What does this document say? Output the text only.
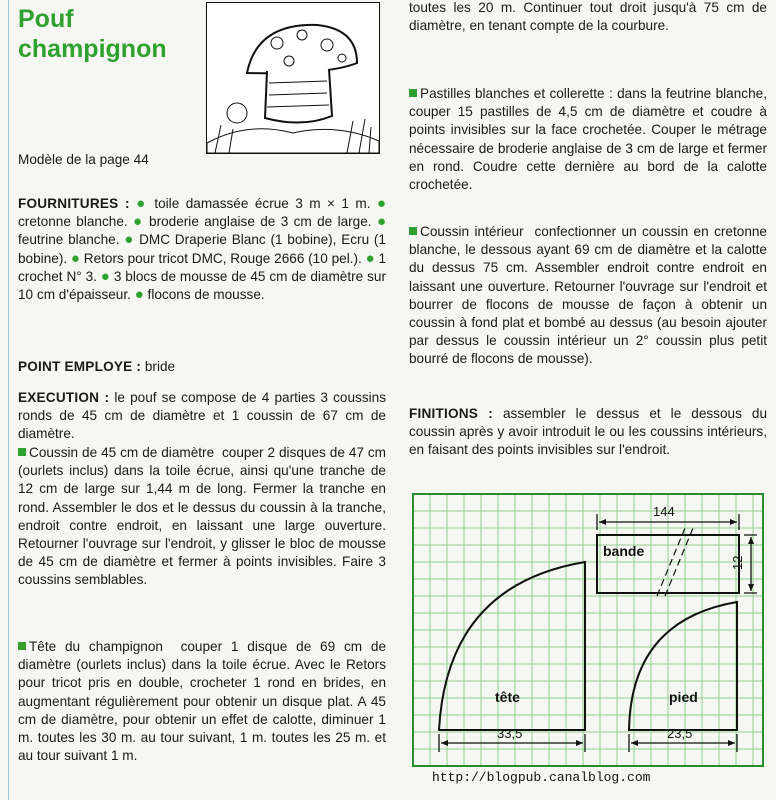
Pouf champignon
Modèle de la page 44

FOURNITURES : ● toile damassée écrue 3 m × 1 m. ● cretonne blanche. ● broderie anglaise de 3 cm de large. ● feutrine blanche. ● DMC Draperie Blanc (1 bobine), Ecru (1 bobine). ● Retors pour tricot DMC, Rouge 2666 (10 pel.). ● 1 crochet N° 3. ● 3 blocs de mousse de 45 cm de diamètre sur 10 cm d'épaisseur. ● flocons de mousse.

POINT EMPLOYE : bride

EXECUTION : le pouf se compose de 4 parties 3 coussins ronds de 45 cm de diamètre et 1 coussin de 67 cm de diamètre.

Coussin de 45 cm de diamètre couper 2 disques de 47 cm (ourlets inclus) dans la toile écrue, ainsi qu'une tranche de 12 cm de large sur 1,44 m de long. Fermer la tranche en rond. Assembler le dos et le dessus du coussin à la tranche, endroit contre endroit, en laissant une large ouverture. Retourner l'ouvrage sur l'endroit, y glisser le bloc de mousse de 45 cm de diamètre et fermer à points invisibles. Faire 3 coussins semblables.

Tête du champignon couper 1 disque de 69 cm de diamètre (ourlets inclus) dans la toile écrue. Avec le Retors pour tricot pris en double, crocheter 1 rond en brides, en augmentant régulièrement pour obtenir un disque plat. A 45 cm de diamètre, pour obtenir un effet de calotte, diminuer 1 m. toutes les 30 m. au tour suivant, 1 m. toutes les 25 m. et au tour suivant 1 m.

toutes les 20 m. Continuer tout droit jusqu'à 75 cm de diamètre, en tenant compte de la courbure.

Pastilles blanches et collerette : dans la feutrine blanche, couper 15 pastilles de 4,5 cm de diamètre et coudre à points invisibles sur la face crochetée. Couper le métrage nécessaire de broderie anglaise de 3 cm de large et fermer en rond. Coudre cette dernière au bord de la calotte crochetée.

Coussin intérieur confectionner un coussin en cretonne blanche, le dessous ayant 69 cm de diamètre et la calotte du dessus 75 cm. Assembler endroit contre endroit en laissant une ouverture. Retourner l'ouvrage sur l'endroit et bourrer de flocons de mousse de façon à obtenir un coussin à fond plat et bombé au dessus (au besoin ajouter par dessus le coussin intérieur un 2° coussin plus petit bourré de flocons de mousse).

FINITIONS : assembler le dessus et le dessous du coussin après y avoir introduit le ou les coussins intérieurs, en faisant des points invisibles sur l'endroit.

144
bande
12
tête
33,5
pied
23,5
http://blogpub.canalblog.com
